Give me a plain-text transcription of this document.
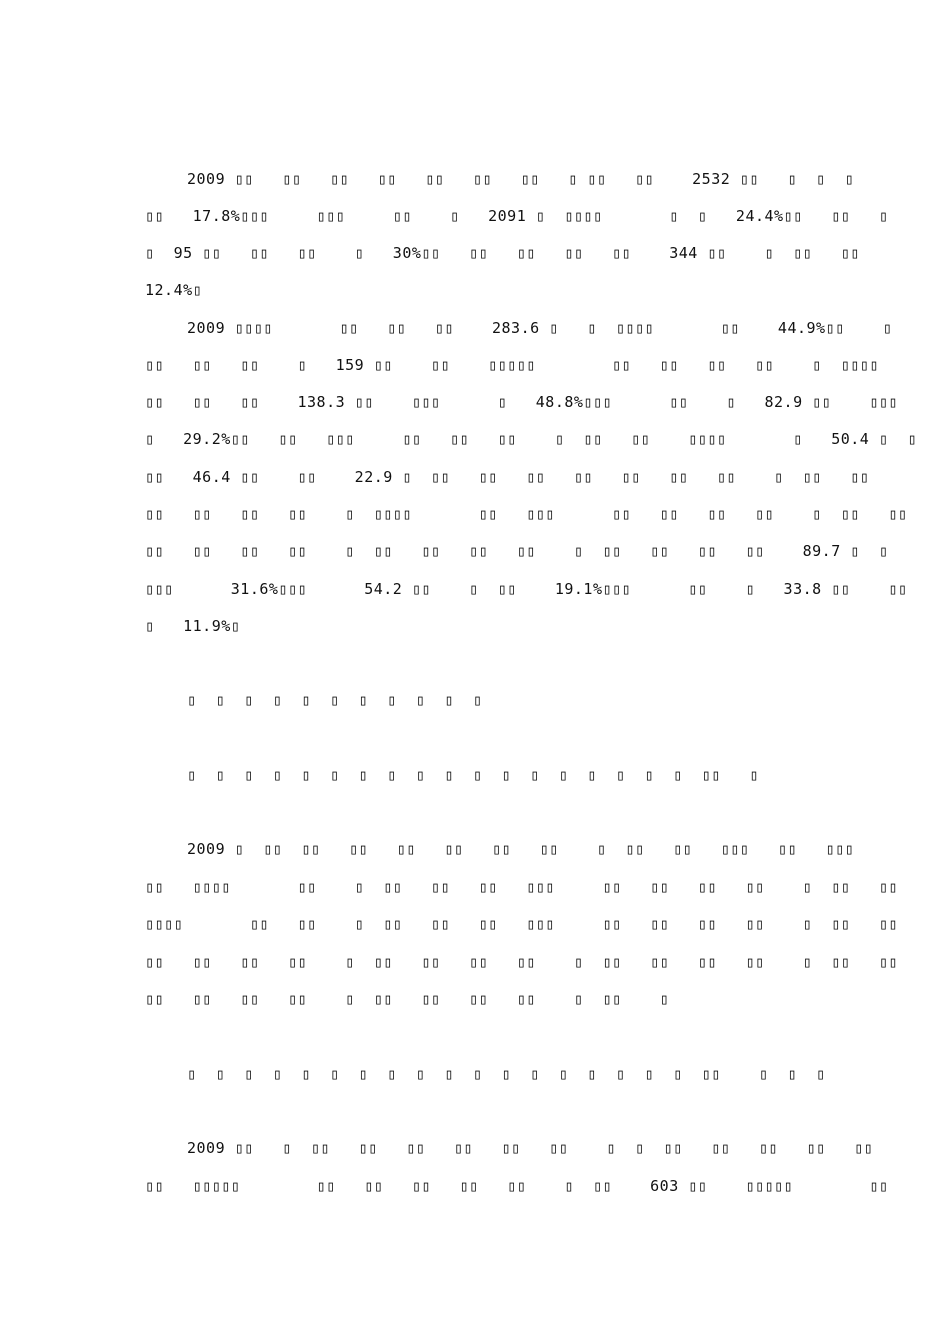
2009 ▯▯   ▯▯   ▯▯   ▯▯   ▯▯   ▯▯   ▯▯   ▯ ▯▯   ▯▯    2532 ▯▯   ▯  ▯  ▯
▯▯   17.8%▯▯▯     ▯▯▯     ▯▯    ▯   2091 ▯  ▯▯▯▯       ▯  ▯   24.4%▯▯   ▯▯   ▯
▯  95 ▯▯   ▯▯   ▯▯    ▯   30%▯▯   ▯▯   ▯▯   ▯▯   ▯▯    344 ▯▯    ▯  ▯▯   ▯▯
12.4%▯
2009 ▯▯▯▯       ▯▯   ▯▯   ▯▯    283.6 ▯   ▯  ▯▯▯▯       ▯▯    44.9%▯▯    ▯
▯▯   ▯▯   ▯▯    ▯   159 ▯▯    ▯▯    ▯▯▯▯▯        ▯▯   ▯▯   ▯▯   ▯▯    ▯  ▯▯▯▯
▯▯   ▯▯   ▯▯    138.3 ▯▯    ▯▯▯      ▯   48.8%▯▯▯      ▯▯    ▯   82.9 ▯▯    ▯▯▯
▯   29.2%▯▯   ▯▯   ▯▯▯     ▯▯   ▯▯   ▯▯    ▯  ▯▯   ▯▯    ▯▯▯▯       ▯   50.4 ▯  ▯
▯▯   46.4 ▯▯    ▯▯    22.9 ▯  ▯▯   ▯▯   ▯▯   ▯▯   ▯▯   ▯▯   ▯▯    ▯  ▯▯   ▯▯
▯▯   ▯▯   ▯▯   ▯▯    ▯  ▯▯▯▯       ▯▯   ▯▯▯      ▯▯   ▯▯   ▯▯   ▯▯    ▯  ▯▯   ▯▯
▯▯   ▯▯   ▯▯   ▯▯    ▯  ▯▯   ▯▯   ▯▯   ▯▯    ▯  ▯▯   ▯▯   ▯▯   ▯▯    89.7 ▯  ▯
▯▯▯      31.6%▯▯▯      54.2 ▯▯    ▯  ▯▯    19.1%▯▯▯      ▯▯    ▯   33.8 ▯▯    ▯▯
▯   11.9%▯
▯  ▯  ▯  ▯  ▯  ▯  ▯  ▯  ▯  ▯  ▯
▯  ▯  ▯  ▯  ▯  ▯  ▯  ▯  ▯  ▯  ▯  ▯  ▯  ▯  ▯  ▯  ▯  ▯  ▯▯   ▯
2009 ▯  ▯▯  ▯▯   ▯▯   ▯▯   ▯▯   ▯▯   ▯▯    ▯  ▯▯   ▯▯   ▯▯▯   ▯▯   ▯▯▯
▯▯   ▯▯▯▯       ▯▯    ▯  ▯▯   ▯▯   ▯▯   ▯▯▯     ▯▯   ▯▯   ▯▯   ▯▯    ▯  ▯▯   ▯▯
▯▯▯▯       ▯▯   ▯▯    ▯  ▯▯   ▯▯   ▯▯   ▯▯▯     ▯▯   ▯▯   ▯▯   ▯▯    ▯  ▯▯   ▯▯
▯▯   ▯▯   ▯▯   ▯▯    ▯  ▯▯   ▯▯   ▯▯   ▯▯    ▯  ▯▯   ▯▯   ▯▯   ▯▯    ▯  ▯▯   ▯▯
▯▯   ▯▯   ▯▯   ▯▯    ▯  ▯▯   ▯▯   ▯▯   ▯▯    ▯  ▯▯    ▯
▯  ▯  ▯  ▯  ▯  ▯  ▯  ▯  ▯  ▯  ▯  ▯  ▯  ▯  ▯  ▯  ▯  ▯  ▯▯    ▯  ▯  ▯
2009 ▯▯   ▯  ▯▯   ▯▯   ▯▯   ▯▯   ▯▯   ▯▯    ▯  ▯  ▯▯   ▯▯   ▯▯   ▯▯   ▯▯
▯▯   ▯▯▯▯▯        ▯▯   ▯▯   ▯▯   ▯▯   ▯▯    ▯  ▯▯    603 ▯▯    ▯▯▯▯▯        ▯▯
